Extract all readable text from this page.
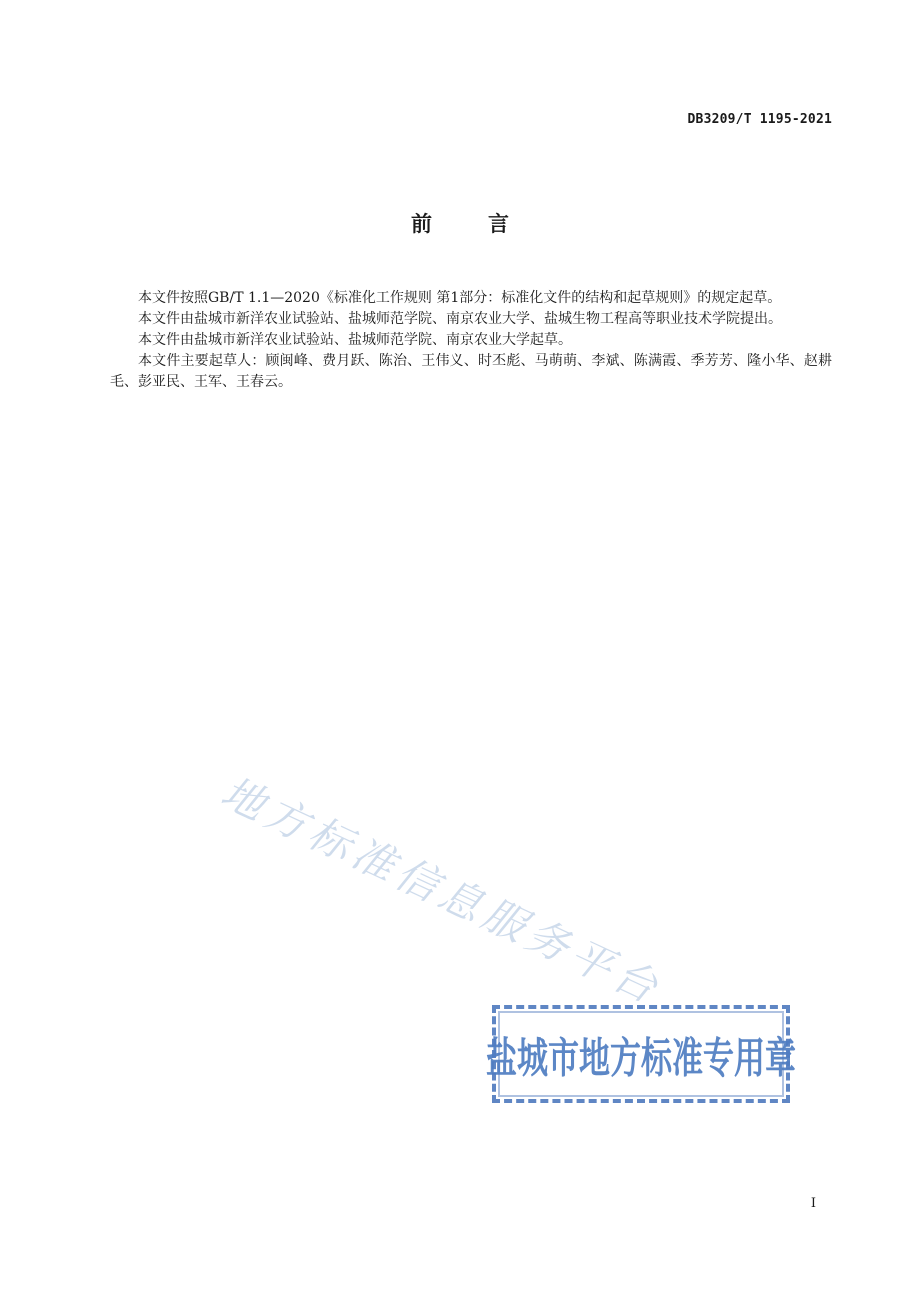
DB3209/T 1195-2021
前言

本文件按照GB/T 1.1—2020《标准化工作规则 第1部分：标准化文件的结构和起草规则》的规定起草。

本文件由盐城市新洋农业试验站、盐城师范学院、南京农业大学、盐城生物工程高等职业技术学院提出。

本文件由盐城市新洋农业试验站、盐城师范学院、南京农业大学起草。

本文件主要起草人：顾闽峰、费月跃、陈治、王伟义、时丕彪、马萌萌、李斌、陈满霞、季芳芳、隆小华、赵耕毛、彭亚民、王军、王春云。

地方标准信息服务平台
盐城市地方标准专用章
I
